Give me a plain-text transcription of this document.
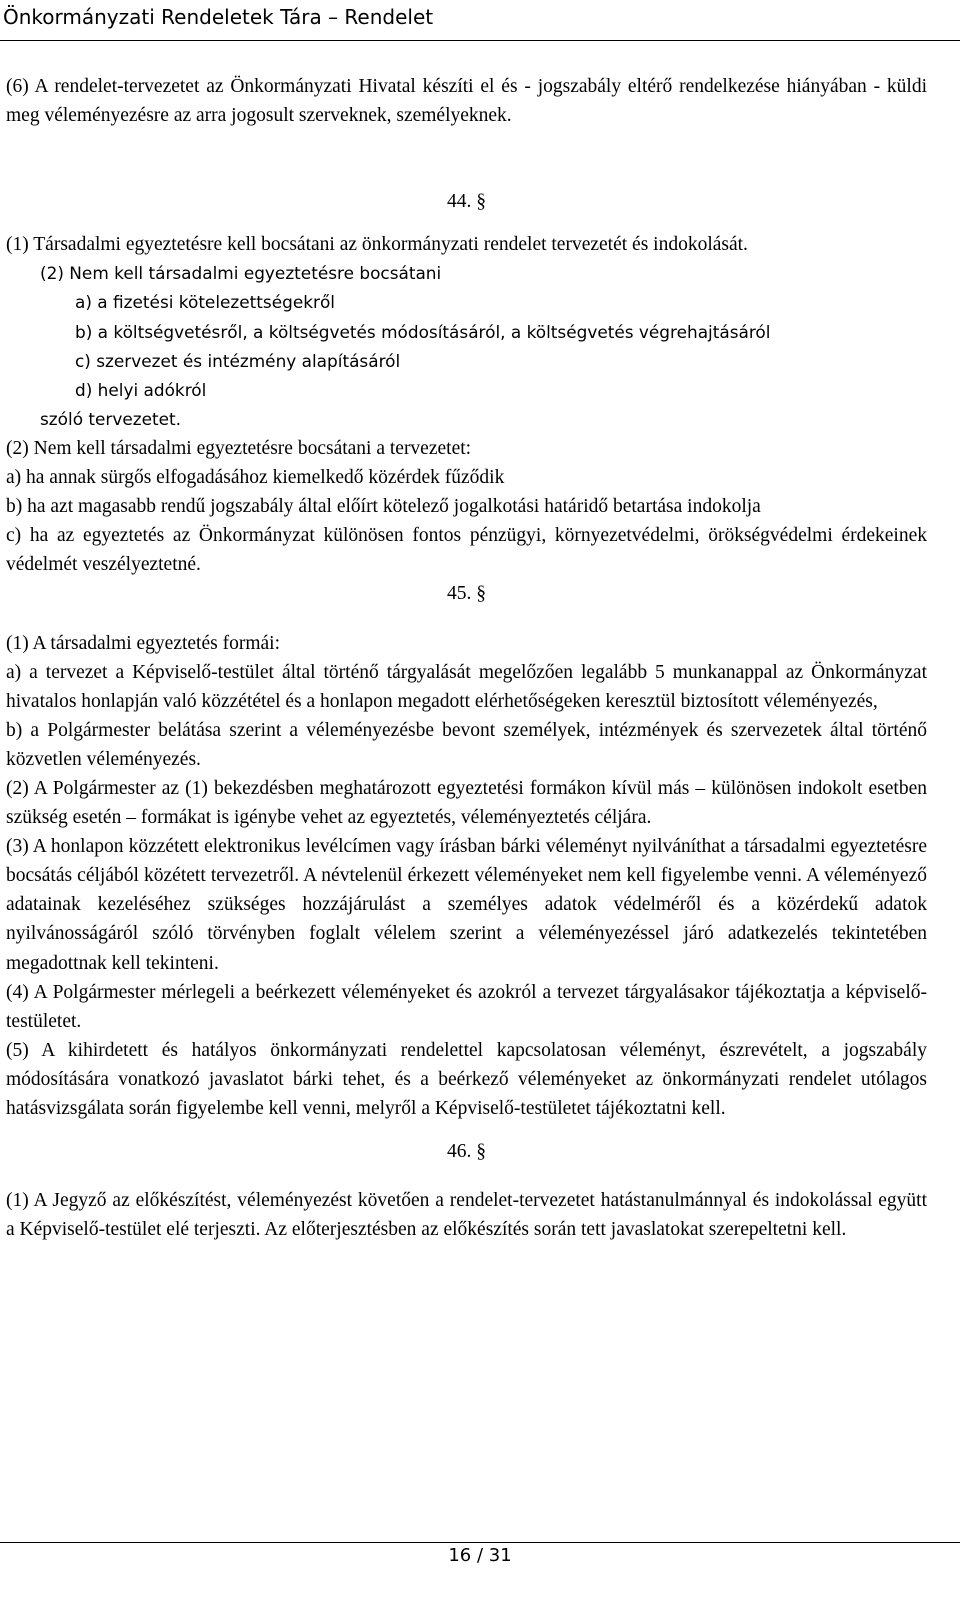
Önkormányzati Rendeletek Tára – Rendelet

(6) A rendelet-tervezetet az Önkormányzati Hivatal készíti el és - jogszabály eltérő rendelkezése hiányában - küldi meg véleményezésre az arra jogosult szerveknek, személyeknek.

44. §

(1) Társadalmi egyeztetésre kell bocsátani az önkormányzati rendelet tervezetét és indokolását.

(2) Nem kell társadalmi egyeztetésre bocsátani

a) a fizetési kötelezettségekről

b) a költségvetésről, a költségvetés módosításáról, a költségvetés végrehajtásáról

c) szervezet és intézmény alapításáról

d) helyi adókról

szóló tervezetet.

(2) Nem kell társadalmi egyeztetésre bocsátani a tervezetet:

a) ha annak sürgős elfogadásához kiemelkedő közérdek fűződik

b) ha azt magasabb rendű jogszabály által előírt kötelező jogalkotási határidő betartása indokolja

c) ha az egyeztetés az Önkormányzat különösen fontos pénzügyi, környezetvédelmi, örökségvédelmi érdekeinek védelmét veszélyeztetné.

45. §

(1) A társadalmi egyeztetés formái:

a) a tervezet a Képviselő-testület által történő tárgyalását megelőzően legalább 5 munkanappal az Önkormányzat hivatalos honlapján való közzététel és a honlapon megadott elérhetőségeken keresztül biztosított véleményezés,

b) a Polgármester belátása szerint a véleményezésbe bevont személyek, intézmények és szervezetek által történő közvetlen véleményezés.

(2) A Polgármester az (1) bekezdésben meghatározott egyeztetési formákon kívül más – különösen indokolt esetben szükség esetén – formákat is igénybe vehet az egyeztetés, véleményeztetés céljára.

(3) A honlapon közzétett elektronikus levélcímen vagy írásban bárki véleményt nyilváníthat a társadalmi egyeztetésre bocsátás céljából közétett tervezetről. A névtelenül érkezett véleményeket nem kell figyelembe venni. A véleményező adatainak kezeléséhez szükséges hozzájárulást a személyes adatok védelméről és a közérdekű adatok nyilvánosságáról szóló törvényben foglalt vélelem szerint a véleményezéssel járó adatkezelés tekintetében megadottnak kell tekinteni.

(4) A Polgármester mérlegeli a beérkezett véleményeket és azokról a tervezet tárgyalásakor tájékoztatja a képviselő-testületet.

(5) A kihirdetett és hatályos önkormányzati rendelettel kapcsolatosan véleményt, észrevételt, a jogszabály módosítására vonatkozó javaslatot bárki tehet, és a beérkező véleményeket az önkormányzati rendelet utólagos hatásvizsgálata során figyelembe kell venni, melyről a Képviselő-testületet tájékoztatni kell.

46. §

(1) A Jegyző az előkészítést, véleményezést követően a rendelet-tervezetet hatástanulmánnyal és indokolással együtt a Képviselő-testület elé terjeszti. Az előterjesztésben az előkészítés során tett javaslatokat szerepeltetni kell.

16 / 31
